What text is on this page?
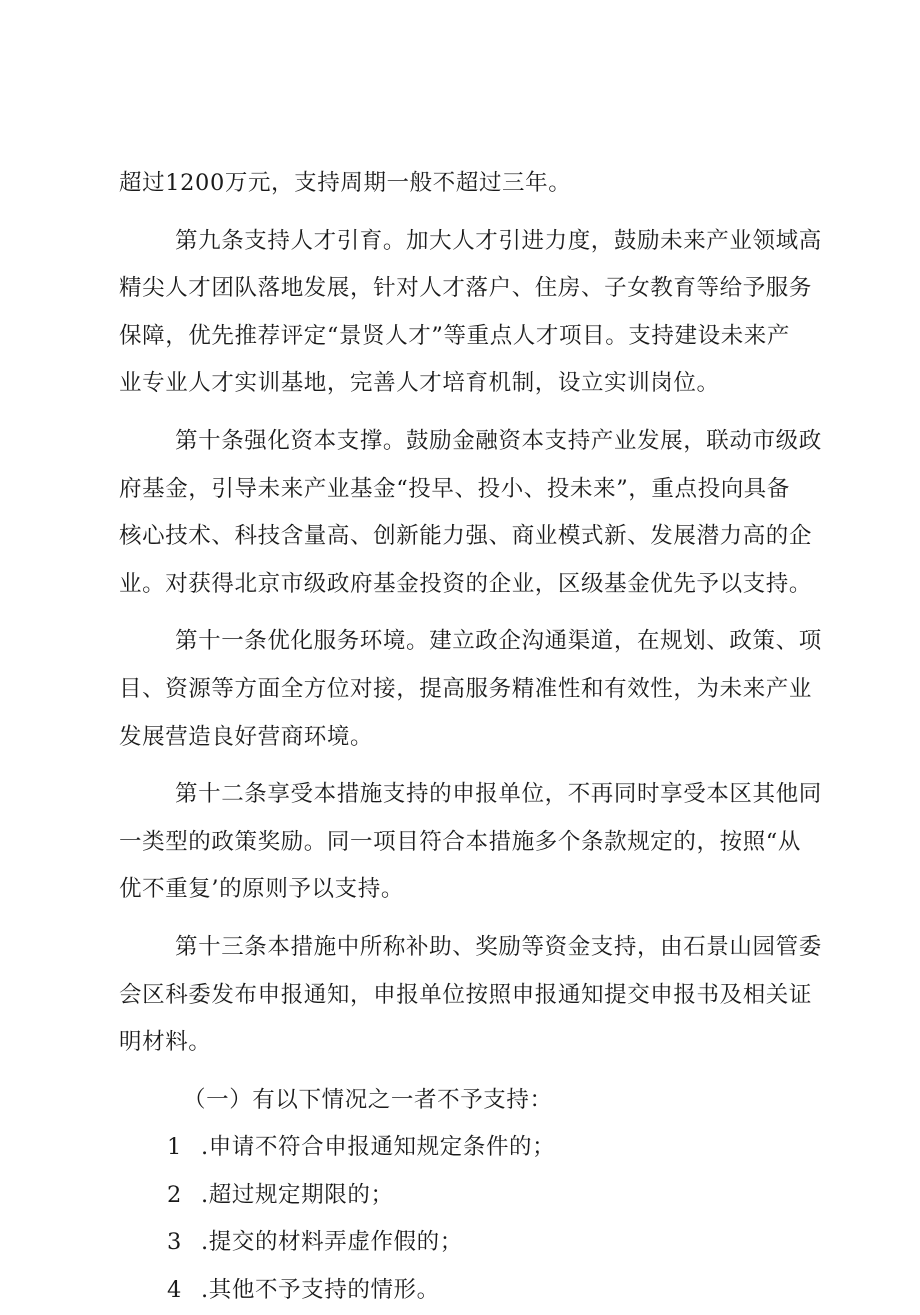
超过1200万元，支持周期一般不超过三年。
第九条支持人才引育。加大人才引进力度，鼓励未来产业领域高
精尖人才团队落地发展，针对人才落户、住房、子女教育等给予服务
保障，优先推荐评定“景贤人才”等重点人才项目。支持建设未来产
业专业人才实训基地，完善人才培育机制，设立实训岗位。
第十条强化资本支撑。鼓励金融资本支持产业发展，联动市级政
府基金，引导未来产业基金“投早、投小、投未来”，重点投向具备
核心技术、科技含量高、创新能力强、商业模式新、发展潜力高的企
业。对获得北京市级政府基金投资的企业，区级基金优先予以支持。
第十一条优化服务环境。建立政企沟通渠道，在规划、政策、项
目、资源等方面全方位对接，提高服务精准性和有效性，为未来产业
发展营造良好营商环境。
第十二条享受本措施支持的申报单位，不再同时享受本区其他同
一类型的政策奖励。同一项目符合本措施多个条款规定的，按照“从
优不重复’的原则予以支持。
第十三条本措施中所称补助、奖励等资金支持，由石景山园管委
会区科委发布申报通知，申报单位按照申报通知提交申报书及相关证
明材料。
（一）有以下情况之一者不予支持：
1 .申请不符合申报通知规定条件的；
2 .超过规定期限的；
3 .提交的材料弄虚作假的；
4 .其他不予支持的情形。
